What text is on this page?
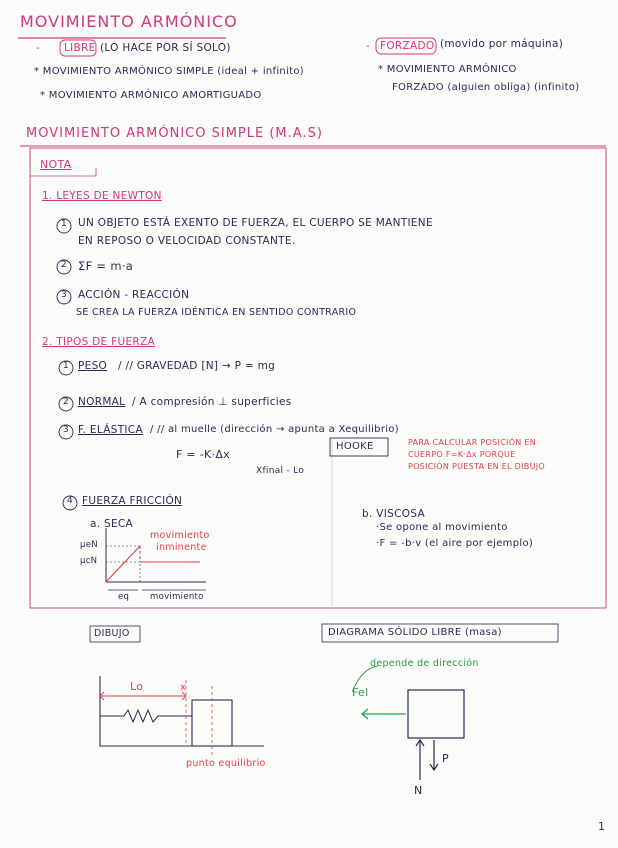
MOVIMIENTO ARMÓNICO
- LIBRE (LO HACE POR SÍ SOLO)
* MOVIMIENTO ARMÓNICO SIMPLE (ideal + infinito)
* MOVIMIENTO ARMÓNICO AMORTIGUADO
- FORZADO (movido por máquina)
* MOVIMIENTO ARMÓNICO
FORZADO (alguien obliga) (infinito)
MOVIMIENTO ARMÓNICO SIMPLE (M.A.S)
NOTA
1. LEYES DE NEWTON
1 UN OBJETO ESTÁ EXENTO DE FUERZA, EL CUERPO SE MANTIENE
EN REPOSO O VELOCIDAD CONSTANTE.
2 ΣF = m·a
3 ACCIÓN - REACCIÓN
SE CREA LA FUERZA IDÉNTICA EN SENTIDO CONTRARIO
2. TIPOS DE FUERZA
1 PESO / // GRAVEDAD [N] → P = mg
2 NORMAL / A compresión ⊥ superficies
3 F. ELÁSTICA / // al muelle (dirección → apunta a Xequilibrio)
F = -K·Δx
Xfinal - Lo
HOOKE	PARA CALCULAR POSICIÓN EN
CUERPO F=K·Δx PORQUE
POSICIÓN PUESTA EN EL DIBUJO
4 FUERZA FRICCIÓN
a. SECA
movimiento
inminente
μeN
μcN
eq movimiento
b. VISCOSA
·Se opone al movimiento
·F = -b·v (el aire por ejemplo)
DIBUJO
Lo	x
punto equilibrio
DIAGRAMA SÓLIDO LIBRE (masa)
depende de dirección
Fel
P
N
1
